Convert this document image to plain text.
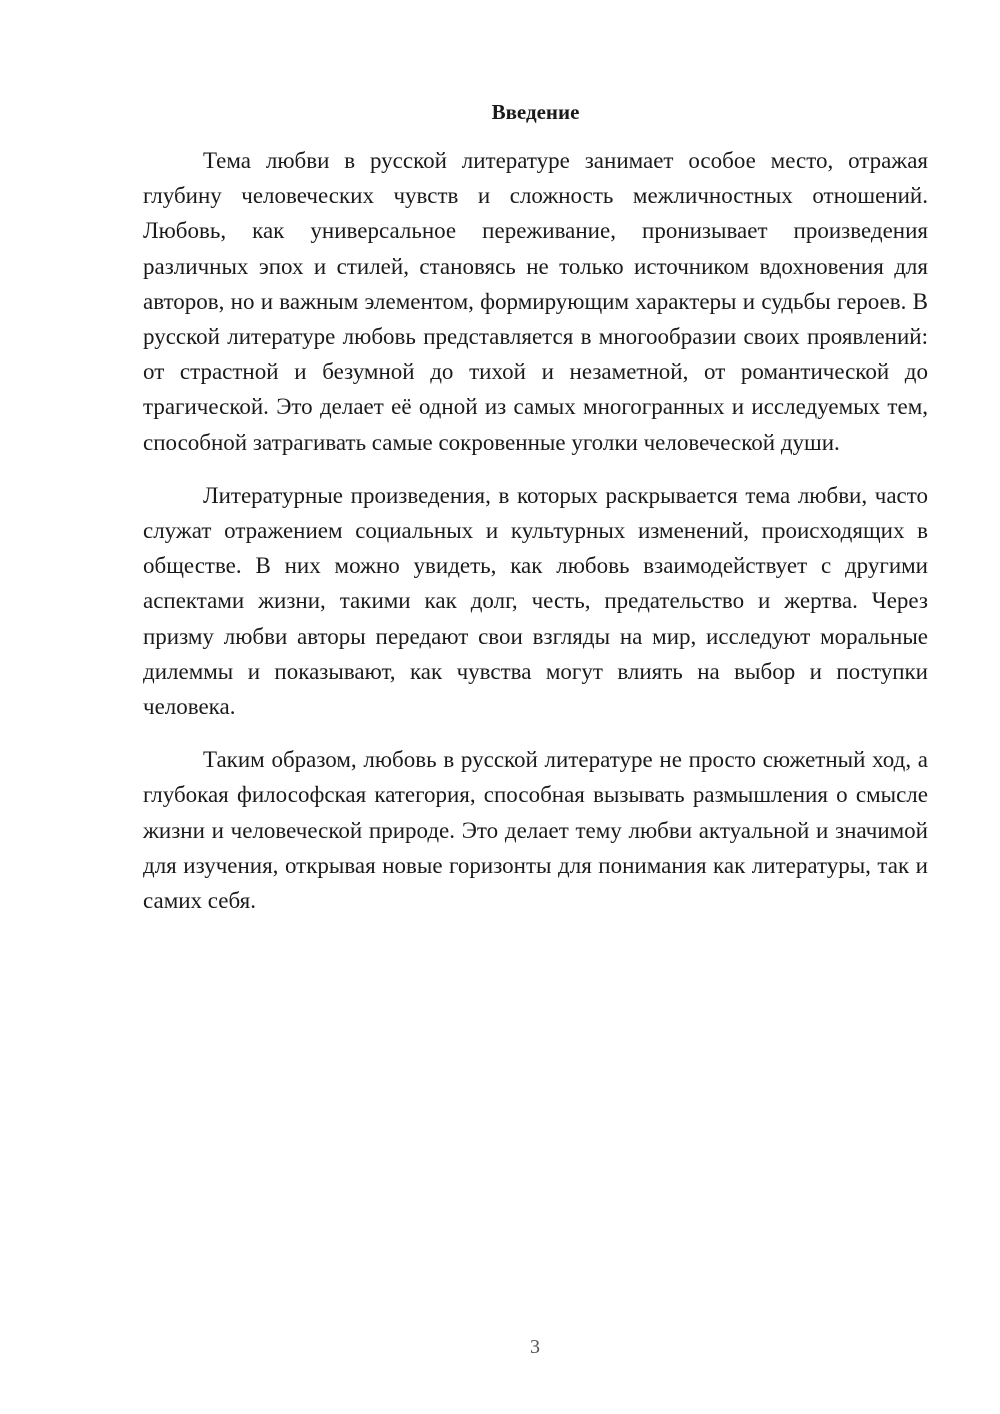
Введение

Тема любви в русской литературе занимает особое место, отражая глубину человеческих чувств и сложность межличностных отношений. Любовь, как универсальное переживание, пронизывает произведения различных эпох и стилей, становясь не только источником вдохновения для авторов, но и важным элементом, формирующим характеры и судьбы героев. В русской литературе любовь представляется в многообразии своих проявлений: от страстной и безумной до тихой и незаметной, от романтической до трагической. Это делает её одной из самых многогранных и исследуемых тем, способной затрагивать самые сокровенные уголки человеческой души.

Литературные произведения, в которых раскрывается тема любви, часто служат отражением социальных и культурных изменений, происходящих в обществе. В них можно увидеть, как любовь взаимодействует с другими аспектами жизни, такими как долг, честь, предательство и жертва. Через призму любви авторы передают свои взгляды на мир, исследуют моральные дилеммы и показывают, как чувства могут влиять на выбор и поступки человека.

Таким образом, любовь в русской литературе не просто сюжетный ход, а глубокая философская категория, способная вызывать размышления о смысле жизни и человеческой природе. Это делает тему любви актуальной и значимой для изучения, открывая новые горизонты для понимания как литературы, так и самих себя.

3
